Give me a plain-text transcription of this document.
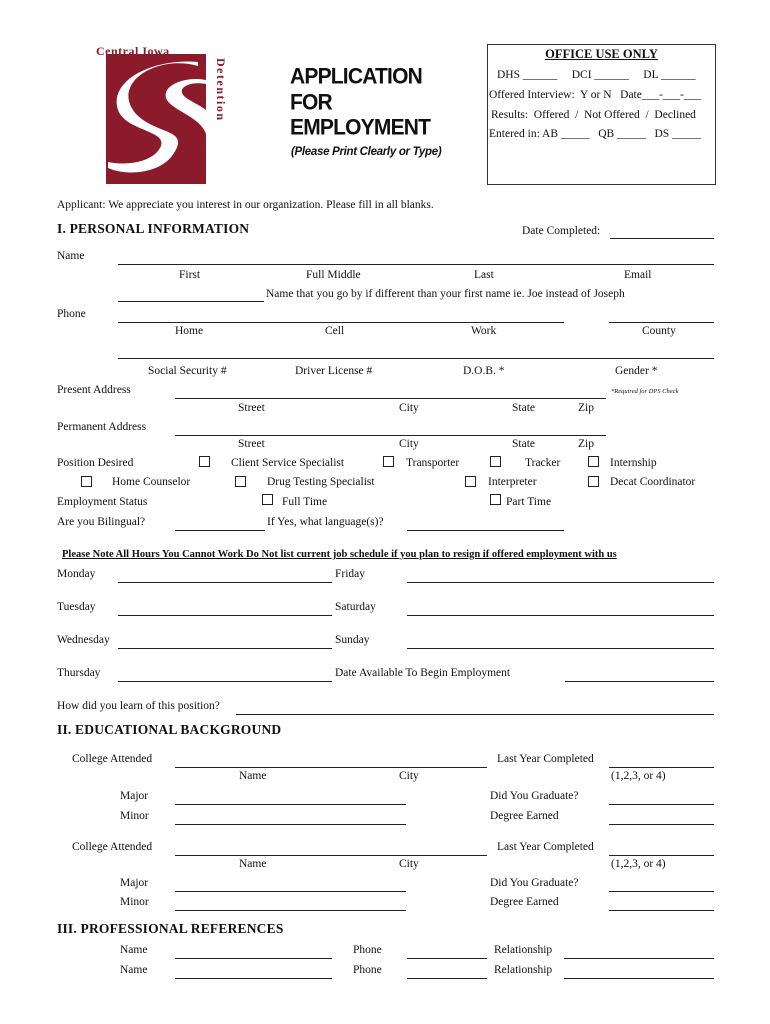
Central Iowa
Detention	APPLICATION
FOR
EMPLOYMENT
(Please Print Clearly or Type)
OFFICE USE ONLY
DHS ______     DCI ______     DL ______
Offered Interview:  Y or N   Date___-___-___
Results:  Offered  /  Not Offered  /  Declined
Entered in: AB _____   QB _____   DS _____
Applicant: We appreciate you interest in our organization. Please fill in all blanks.
I. PERSONAL INFORMATION	Date Completed:
Name
First	Full Middle	Last	Email
Name that you go by if different than your first name ie. Joe instead of Joseph
Phone
Home	Cell	Work	County
Social Security #	Driver License #	D.O.B. *	Gender *
Present Address	*Required for DPS Check
Street	City	State	Zip
Permanent Address
Street	City	State	Zip
Position Desired	Client Service Specialist	Transporter	Tracker	Internship
Home Counselor	Drug Testing Specialist	Interpreter	Decat Coordinator
Employment Status	Full Time	Part Time
Are you Bilingual?	If Yes, what language(s)?
Please Note All Hours You Cannot Work Do Not list current job schedule if you plan to resign if offered employment with us
Monday	Friday
Tuesday	Saturday
Wednesday	Sunday
Thursday	Date Available To Begin Employment
How did you learn of this position?
II. EDUCATIONAL BACKGROUND
College Attended	Last Year Completed
Name	City	(1,2,3, or 4)
Major	Did You Graduate?
Minor	Degree Earned
College Attended	Last Year Completed
Name	City	(1,2,3, or 4)
Major	Did You Graduate?
Minor	Degree Earned
III. PROFESSIONAL REFERENCES
Name	Phone	Relationship
Name	Phone	Relationship
